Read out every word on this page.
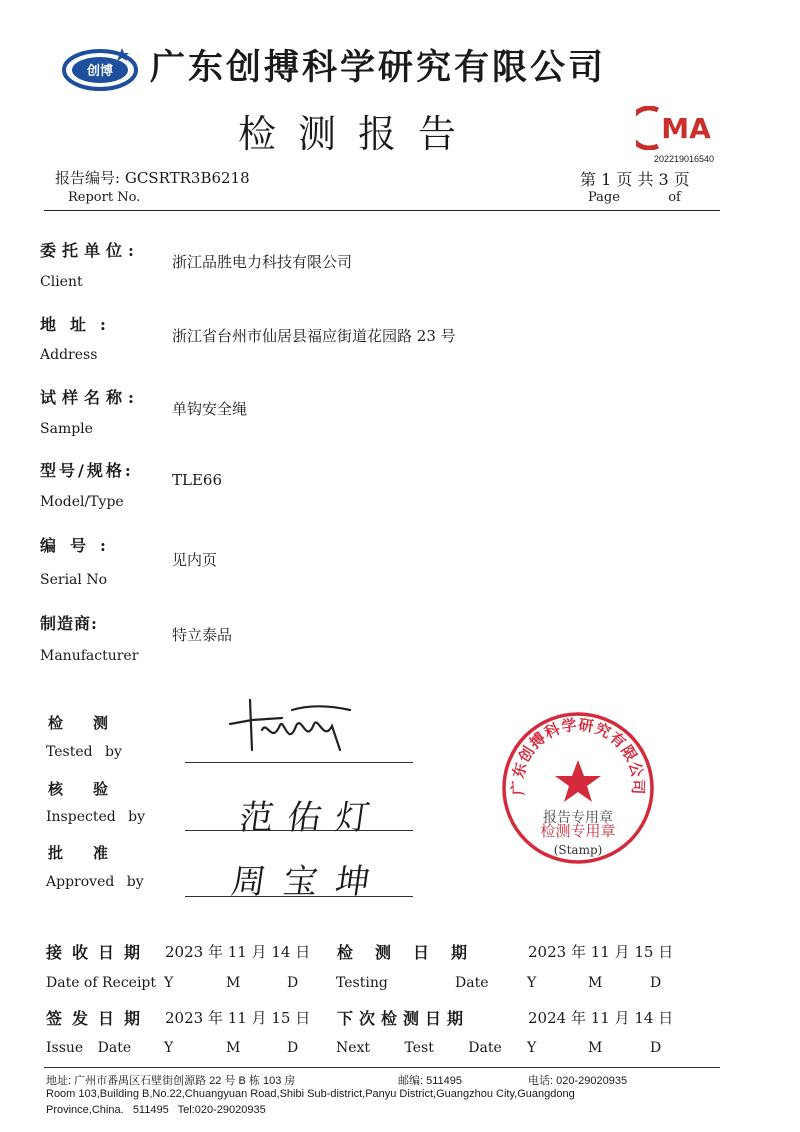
创博 广东创搏科学研究有限公司
检测报告	MA
202219016540
报告编号: GCSRTR3B6218
Report No.
第 1 页 共 3 页
Page	of
委托单位:
Client
浙江品胜电力科技有限公司
地址:
Address
浙江省台州市仙居县福应街道花园路 23 号
试样名称:
Sample
单钩安全绳
型号/规格:
Model/Type
TLE66
编号:
Serial No
见内页
制造商:
Manufacturer
特立泰品
检测
Tested by
核验
Inspected by	范佑灯
批准
Approved by	周宝坤
广东创搏科学研究有限公司
报告专用章
检测专用章
(Stamp)
接收日期 2023 年 11 月 14 日 检测日期	2023 年 11 月 15 日
Date of Receipt Y	M	D	Testing	Date	Y	M	D
签发日期 2023 年 11 月 15 日 下次检测日期	2024 年 11 月 14 日
Issue Date Y	M	D	Next Test Date Y	M	D
地址: 广州市番禺区石壁街创源路 22 号 B 栋 103 房	邮编: 511495	电话: 020-29020935
Room 103,Building B,No.22,Chuangyuan Road,Shibi Sub-district,Panyu District,Guangzhou City,Guangdong
Province,China.   511495   Tel:020-29020935
